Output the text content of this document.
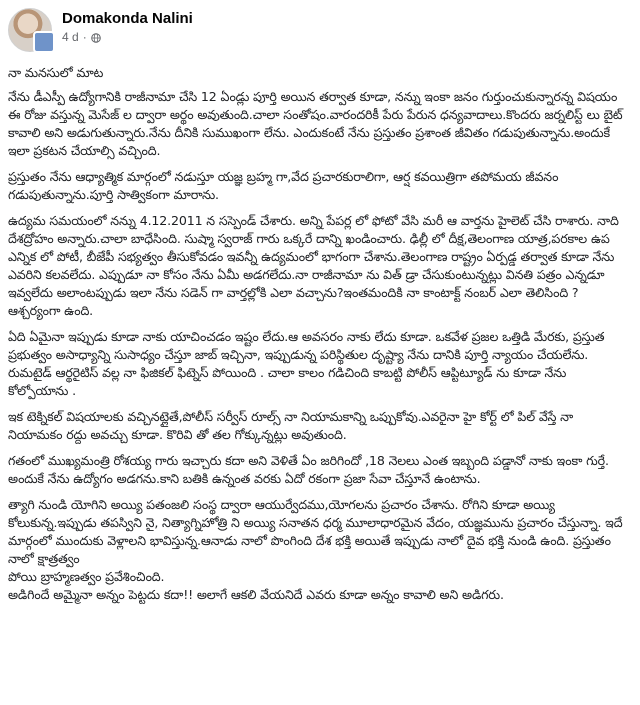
Domakonda Nalini
4 d ·

నా మనసులో మాట

నేను డీఎస్పీ ఉద్యోగానికి రాజీనామా చేసి 12 ఏండ్లు పూర్తి అయిన తర్వాత కూడా, నన్ను ఇంకా జనం గుర్తుంచుకున్నారన్న విషయం ఈ రోజు వస్తున్న మెసేజ్ ల ద్వారా అర్థం అవుతుంది.చాలా సంతోషం.వారందరికీ పేరు పేరున ధన్యవాదాలు.కొందరు జర్నలిస్ట్ లు బైట్ కావాలి అని అడుగుతున్నారు.నేను దీనికి సుముఖంగా లేను. ఎందుకంటే నేను ప్రస్తుతం ప్రశాంత జీవితం గడుపుతున్నాను.అందుకే ఇలా ప్రకటన చేయాల్సి వచ్చింది.

ప్రస్తుతం నేను ఆధ్యాత్మిక మార్గంలో నడుస్తూ యజ్ఞ బ్రహ్మ గా,వేద ప్రచారకురాలిగా, ఆర్ష కవయిత్రిగా తపోమయ జీవనం గడుపుతున్నాను.పూర్తి సాత్వికంగా మారాను.

ఉద్యమ సమయంలో నన్ను 4.12.2011 న సస్పెండ్ చేశారు. అన్ని పేపర్ల లో ఫోటో వేసి మరీ ఆ వార్తను హైలెట్ చేసి రాశారు. నాది దేశద్రోహం అన్నారు.చాలా బాధేసింది. సుష్మా స్వరాజ్ గారు ఒక్కరే దాన్ని ఖండించారు. ఢిల్లీ లో దీక్ష,తెలంగాణ యాత్ర,పరకాల ఉప ఎన్నిక లో పోటీ, బీజేపీ సభ్యత్వం తీసుకోవడం ఇవన్నీ ఉద్యమంలో భాగంగా చేశాను.తెలంగాణ రాష్ట్రం ఏర్పడ్డ తర్వాత కూడా నేను ఎవరిని కలవలేదు. ఎప్పుడూ నా కోసం నేను ఏమీ అడగలేదు.నా రాజీనామా ను విత్ డ్రా చేసుకుంటున్నట్లు వినతి పత్రం ఎన్నడూ ఇవ్వలేదు అలాంటప్పుడు ఇలా నేను సడెన్ గా వార్తల్లోకి ఎలా వచ్చాను?ఇంతమందికి నా కాంటాక్ట్ నంబర్ ఎలా తెలిసింది ? ఆశ్చర్యంగా ఉంది.

ఏది ఏమైనా ఇప్పుడు కూడా నాకు యాచించడం ఇష్టం లేదు.ఆ అవసరం నాకు లేదు కూడా. ఒకవేళ ప్రజల ఒత్తిడి మేరకు, ప్రస్తుత ప్రభుత్వం అసాధ్యాన్ని సుసాధ్యం చేస్తూ జాబ్ ఇచ్చినా, ఇప్పుడున్న పరిస్థితుల దృష్ట్యా నేను దానికి పూర్తి న్యాయం చేయలేను. రుమటైడ్ ఆర్థరైటిస్ వల్ల నా ఫిజికల్ ఫిట్నెస్ పోయింది . చాలా కాలం గడిచింది కాబట్టి పోలీస్ ఆప్టిట్యూడ్ ను కూడా నేను కోల్పోయాను .

ఇక టెక్నికల్ విషయాలకు వచ్చినట్లైతే,పోలీస్ సర్వీస్ రూల్స్ నా నియామకాన్ని ఒప్పుకోవు.ఎవరైనా హై కోర్ట్ లో పిల్ వేస్తే నా నియామకం రద్దు అవచ్చు కూడా. కొరివి తో తల గోక్కున్నట్లు అవుతుంది.

గతంలో ముఖ్యమంత్రి రోశయ్య గారు ఇచ్చారు కదా అని వెళితే ఏం జరిగిందో ,18 నెలలు ఎంత ఇబ్బంది పడ్డానో నాకు ఇంకా గుర్తే. అందుకే నేను ఉద్యోగం అడగను.కాని బతికి ఉన్నంత వరకు ఏదో రకంగా ప్రజా సేవా చేస్తూనే ఉంటాను.

త్యాగి నుండి యోగిని అయ్యి పతంజలి సంస్థ ద్వారా ఆయుర్వేదము,యోగలను ప్రచారం చేశాను. రోగిని కూడా అయ్యి కోలుకున్న.ఇప్పుడు తపస్విని నై, నిత్యాగ్నిహోత్రి ని అయ్యి సనాతన ధర్మ మూలాధారమైన వేదం, యజ్ఞమును ప్రచారం చేస్తున్నా. ఇదే మార్గంలో ముందుకు వెళ్లాలని భావిస్తున్న.ఆనాడు నాలో పొంగింది దేశ భక్తి అయితే ఇప్పుడు నాలో దైవ భక్తి నుండి ఉంది. ప్రస్తుతం నాలో క్షాత్రత్వం
పోయి బ్రాహ్మణత్వం ప్రవేశించింది.
అడిగిందే అమ్మైనా అన్నం పెట్టదు కదా!! అలాగే ఆకలి వేయనిదే ఎవరు కూడా అన్నం కావాలి అని అడిగరు.
